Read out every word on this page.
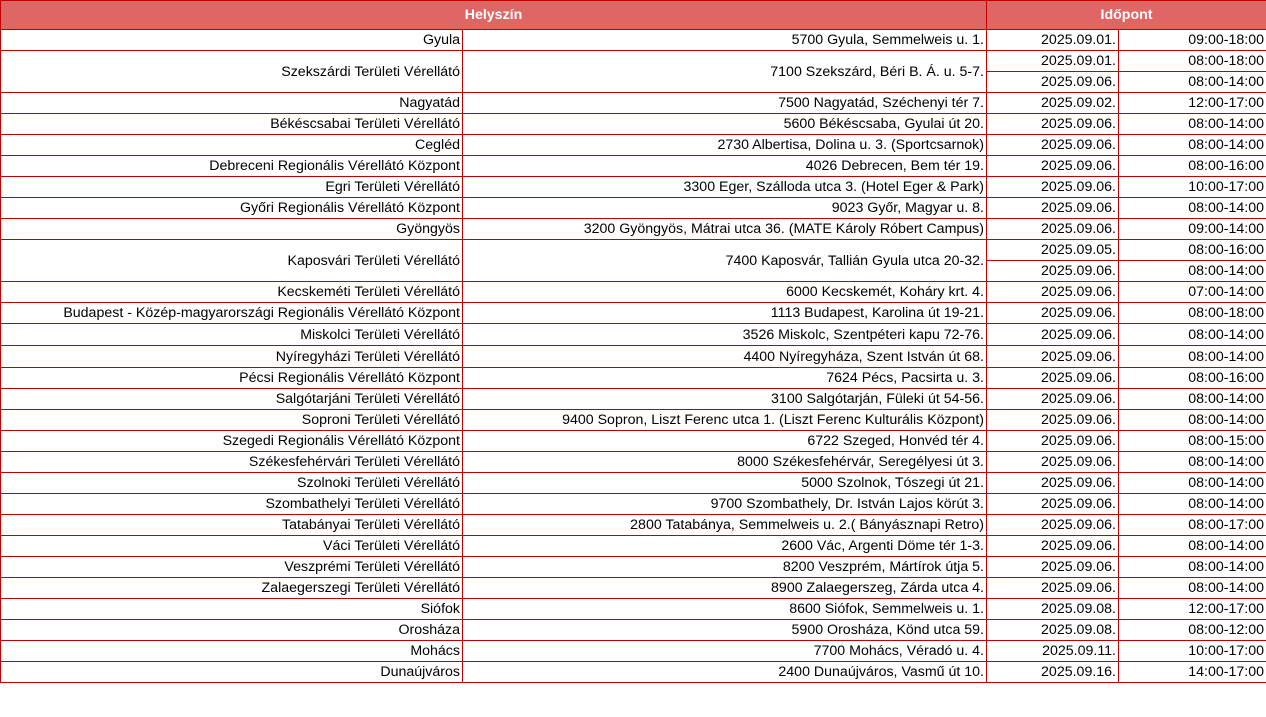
Helyszín		Időpont	
Gyula	5700 Gyula, Semmelweis u. 1.	2025.09.01.	09:00-18:00
Szekszárdi Területi Vérellátó	7100 Szekszárd, Béri B. Á. u. 5-7.	2025.09.01.	08:00-18:00
		2025.09.06.	08:00-14:00
Nagyatád	7500 Nagyatád, Széchenyi tér 7.	2025.09.02.	12:00-17:00
Békéscsabai Területi Vérellátó	5600 Békéscsaba, Gyulai út 20.	2025.09.06.	08:00-14:00
Cegléd	2730 Albertisa, Dolina u. 3. (Sportcsarnok)	2025.09.06.	08:00-14:00
Debreceni Regionális Vérellátó Központ	4026 Debrecen, Bem tér 19.	2025.09.06.	08:00-16:00
Egri Területi Vérellátó	3300 Eger, Szálloda utca 3. (Hotel Eger & Park)	2025.09.06.	10:00-17:00
Győri Regionális Vérellátó Központ	9023 Győr, Magyar u. 8.	2025.09.06.	08:00-14:00
Gyöngyös	3200 Gyöngyös, Mátrai utca 36. (MATE Károly Róbert Campus)	2025.09.06.	09:00-14:00
Kaposvári Területi Vérellátó	7400 Kaposvár, Tallián Gyula utca 20-32.	2025.09.05.	08:00-16:00
		2025.09.06.	08:00-14:00
Kecskeméti Területi Vérellátó	6000 Kecskemét, Koháry krt. 4.	2025.09.06.	07:00-14:00
Budapest - Közép-magyarországi Regionális Vérellátó Központ	1113 Budapest, Karolina út 19-21.	2025.09.06.	08:00-18:00
Miskolci Területi Vérellátó	3526 Miskolc, Szentpéteri kapu 72-76.	2025.09.06.	08:00-14:00
Nyíregyházi Területi Vérellátó	4400 Nyíregyháza, Szent István út 68.	2025.09.06.	08:00-14:00
Pécsi Regionális Vérellátó Központ	7624 Pécs, Pacsirta u. 3.	2025.09.06.	08:00-16:00
Salgótarjáni Területi Vérellátó	3100 Salgótarján, Füleki út 54-56.	2025.09.06.	08:00-14:00
Soproni Területi Vérellátó	9400 Sopron, Liszt Ferenc utca 1. (Liszt Ferenc Kulturális Központ)	2025.09.06.	08:00-14:00
Szegedi Regionális Vérellátó Központ	6722 Szeged, Honvéd tér 4.	2025.09.06.	08:00-15:00
Székesfehérvári Területi Vérellátó	8000 Székesfehérvár, Seregélyesi út 3.	2025.09.06.	08:00-14:00
Szolnoki Területi Vérellátó	5000 Szolnok, Tószegi út 21.	2025.09.06.	08:00-14:00
Szombathelyi Területi Vérellátó	9700 Szombathely, Dr. István Lajos körút 3.	2025.09.06.	08:00-14:00
Tatabányai Területi Vérellátó	2800 Tatabánya, Semmelweis u. 2.( Bányásznapi Retro)	2025.09.06.	08:00-17:00
Váci Területi Vérellátó	2600 Vác, Argenti Döme tér 1-3.	2025.09.06.	08:00-14:00
Veszprémi Területi Vérellátó	8200 Veszprém, Mártírok útja 5.	2025.09.06.	08:00-14:00
Zalaegerszegi Területi Vérellátó	8900 Zalaegerszeg, Zárda utca 4.	2025.09.06.	08:00-14:00
Siófok	8600 Siófok, Semmelweis u. 1.	2025.09.08.	12:00-17:00
Orosháza	5900 Orosháza, Könd utca 59.	2025.09.08.	08:00-12:00
Mohács	7700 Mohács, Véradó u. 4.	2025.09.11.	10:00-17:00
Dunaújváros	2400 Dunaújváros, Vasmű út 10.	2025.09.16.	14:00-17:00
